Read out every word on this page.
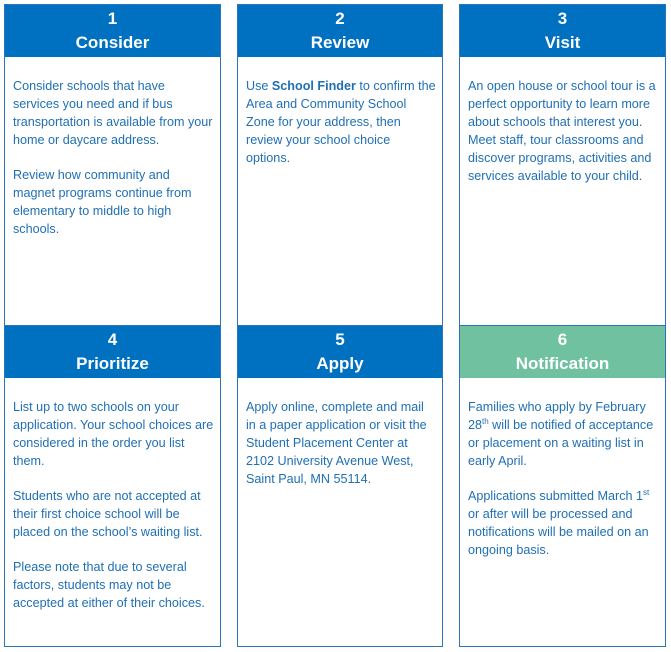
1
Consider

Consider schools that have services you need and if bus transportation is available from your home or daycare address.

Review how community and magnet programs continue from elementary to middle to high schools.

2
Review

Use School Finder to confirm the Area and Community School Zone for your address, then review your school choice options.

3
Visit

An open house or school tour is a perfect opportunity to learn more about schools that interest you. Meet staff, tour classrooms and discover programs, activities and services available to your child.

4
Prioritize

List up to two schools on your application. Your school choices are considered in the order you list them.

Students who are not accepted at their first choice school will be placed on the school’s waiting list.

Please note that due to several factors, students may not be accepted at either of their choices.

5
Apply

Apply online, complete and mail in a paper application or visit the Student Placement Center at 2102 University Avenue West, Saint Paul, MN 55114.

6
Notification

Families who apply by February 28th will be notified of acceptance or placement on a waiting list in early April.

Applications submitted March 1st or after will be processed and notifications will be mailed on an ongoing basis.
